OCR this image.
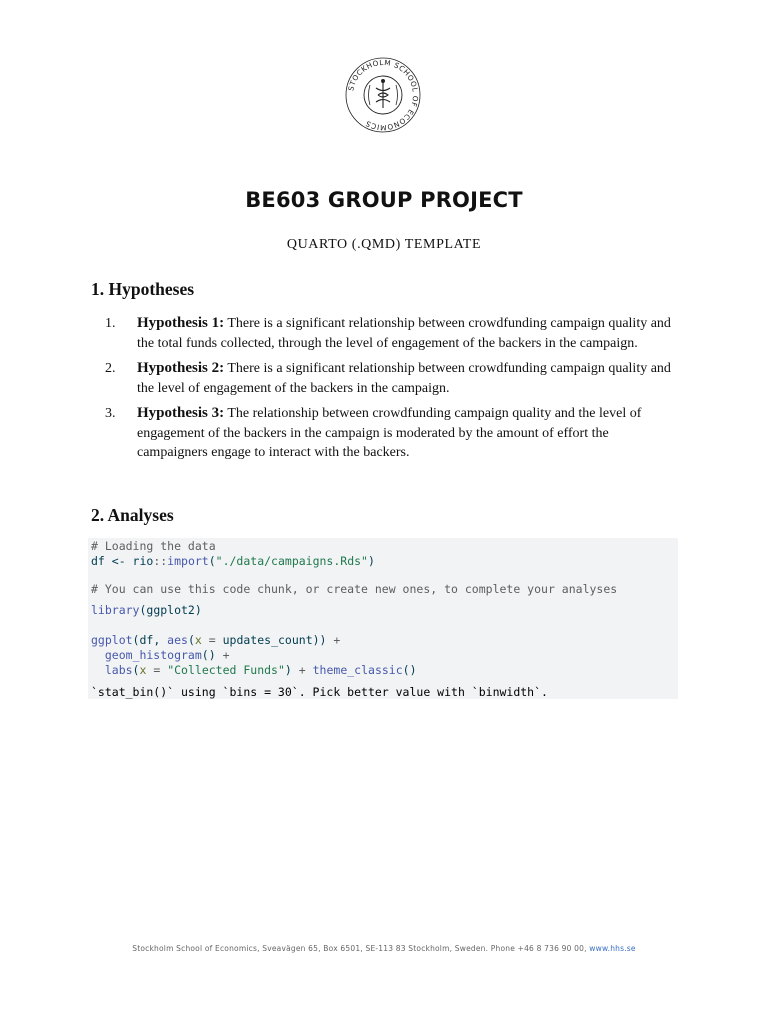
STOCKHOLM SCHOOL OF ECONOMICS
BE603 GROUP PROJECT
QUARTO (.QMD) TEMPLATE
1. Hypotheses
1.	Hypothesis 1: There is a significant relationship between crowdfunding campaign quality and the total funds collected, through the level of engagement of the backers in the campaign.
2.	Hypothesis 2: There is a significant relationship between crowdfunding campaign quality and the level of engagement of the backers in the campaign.
3.	Hypothesis 3: The relationship between crowdfunding campaign quality and the level of engagement of the backers in the campaign is moderated by the amount of effort the campaigners engage to interact with the backers.
2. Analyses
# Loading the data
df <- rio::import("./data/campaigns.Rds")
# You can use this code chunk, or create new ones, to complete your analyses
library(ggplot2)
ggplot(df, aes(x = updates_count)) +
geom_histogram() +
labs(x = "Collected Funds") + theme_classic()
`stat_bin()` using `bins = 30`. Pick better value with `binwidth`.
Stockholm School of Economics, Sveavägen 65, Box 6501, SE-113 83 Stockholm, Sweden. Phone +46 8 736 90 00, www.hhs.se
